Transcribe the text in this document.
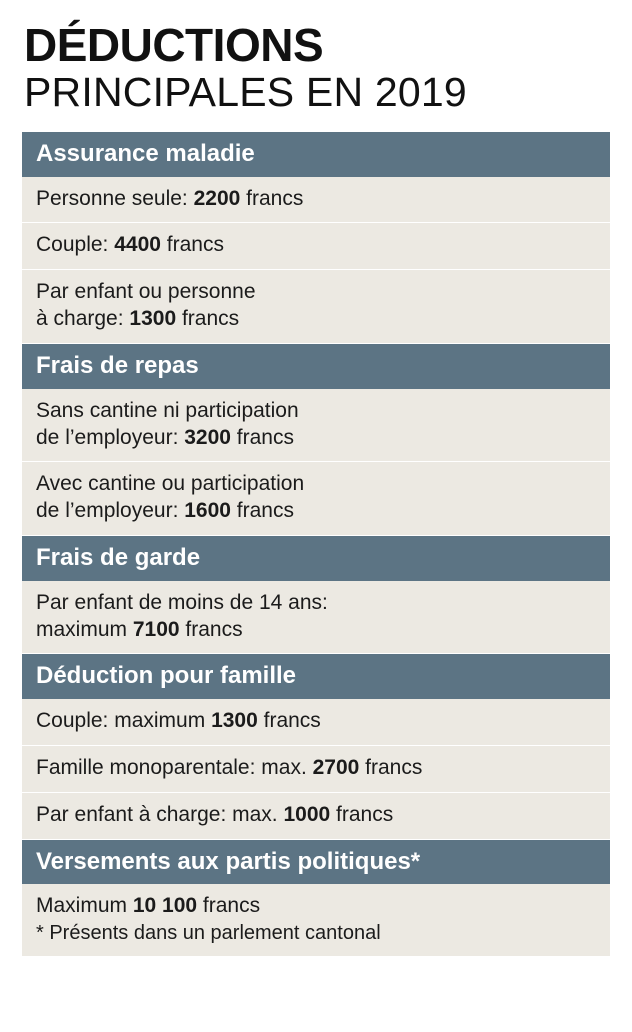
DÉDUCTIONS
PRINCIPALES EN 2019
Assurance maladie
Personne seule: 2200 francs
Couple: 4400 francs
Par enfant ou personne
à charge: 1300 francs
Frais de repas
Sans cantine ni participation
de l’employeur: 3200 francs
Avec cantine ou participation
de l’employeur: 1600 francs
Frais de garde
Par enfant de moins de 14 ans:
maximum 7100 francs
Déduction pour famille
Couple: maximum 1300 francs
Famille monoparentale: max. 2700 francs
Par enfant à charge: max. 1000 francs
Versements aux partis politiques*
Maximum 10 100 francs
* Présents dans un parlement cantonal
